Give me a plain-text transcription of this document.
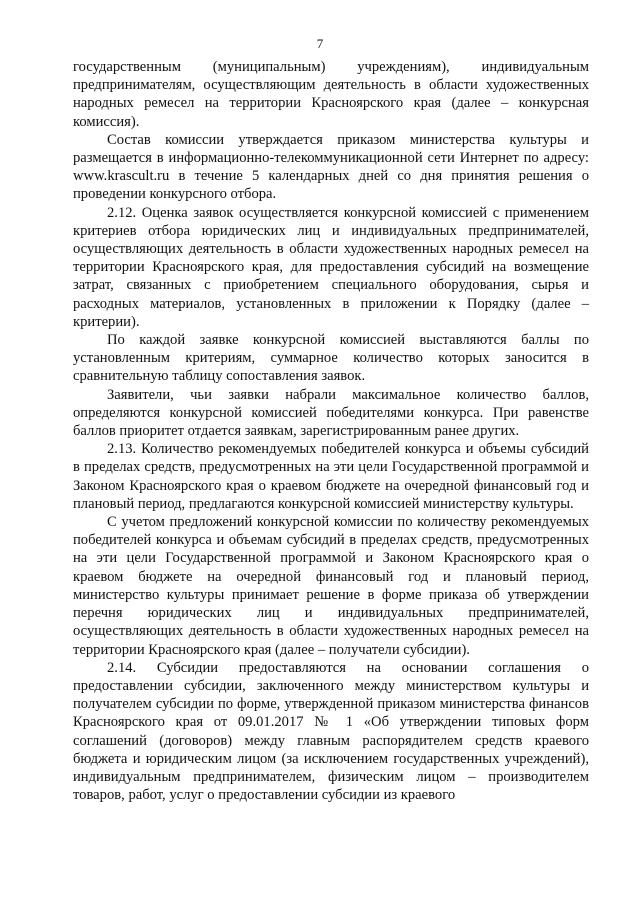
7

государственным (муниципальным) учреждениям), индивидуальным предпринимателям, осуществляющим деятельность в области художественных народных ремесел на территории Красноярского края (далее – конкурсная комиссия).

Состав комиссии утверждается приказом министерства культуры и размещается в информационно-телекоммуникационной сети Интернет по адресу: www.krascult.ru в течение 5 календарных дней со дня принятия решения о проведении конкурсного отбора.

2.12. Оценка заявок осуществляется конкурсной комиссией с применением критериев отбора юридических лиц и индивидуальных предпринимателей, осуществляющих деятельность в области художественных народных ремесел на территории Красноярского края, для предоставления субсидий на возмещение затрат, связанных с приобретением специального оборудования, сырья и расходных материалов, установленных в приложении к Порядку (далее – критерии).

По каждой заявке конкурсной комиссией выставляются баллы по установленным критериям, суммарное количество которых заносится в сравнительную таблицу сопоставления заявок.

Заявители, чьи заявки набрали максимальное количество баллов, определяются конкурсной комиссией победителями конкурса. При равенстве баллов приоритет отдается заявкам, зарегистрированным ранее других.

2.13. Количество рекомендуемых победителей конкурса и объемы субсидий в пределах средств, предусмотренных на эти цели Государственной программой и Законом Красноярского края о краевом бюджете на очередной финансовый год и плановый период, предлагаются конкурсной комиссией министерству культуры.

С учетом предложений конкурсной комиссии по количеству рекомендуемых победителей конкурса и объемам субсидий в пределах средств, предусмотренных на эти цели Государственной программой и Законом Красноярского края о краевом бюджете на очередной финансовый год и плановый период, министерство культуры принимает решение в форме приказа об утверждении перечня юридических лиц и индивидуальных предпринимателей, осуществляющих деятельность в области художественных народных ремесел на территории Красноярского края (далее – получатели субсидии).

2.14. Субсидии предоставляются на основании соглашения о предоставлении субсидии, заключенного между министерством культуры и получателем субсидии по форме, утвержденной приказом министерства финансов Красноярского края от 09.01.2017 № 1 «Об утверждении типовых форм соглашений (договоров) между главным распорядителем средств краевого бюджета и юридическим лицом (за исключением государственных учреждений), индивидуальным предпринимателем, физическим лицом – производителем товаров, работ, услуг о предоставлении субсидии из краевого
